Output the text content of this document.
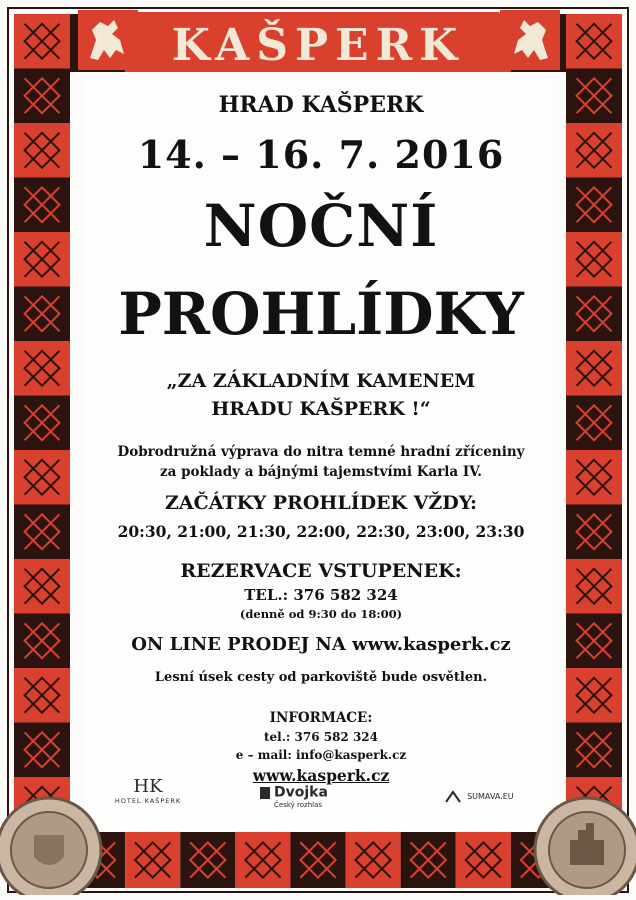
KAŠPERK
HRAD KAŠPERK
14. – 16. 7. 2016
NOČNÍ
PROHLÍDKY
„ZA ZÁKLADNÍM KAMENEM
HRADU KAŠPERK !“
Dobrodružná výprava do nitra temné hradní zříceniny
za poklady a bájnými tajemstvími Karla IV.
ZAČÁTKY PROHLÍDEK VŽDY:
20:30, 21:00, 21:30, 22:00, 22:30, 23:00, 23:30
REZERVACE VSTUPENEK:
TEL.: 376 582 324
(denně od 9:30 do 18:00)
ON LINE PRODEJ NA www.kasperk.cz
Lesní úsek cesty od parkoviště bude osvětlen.
INFORMACE:
tel.: 376 582 324
e – mail: info@kasperk.cz
www.kasperk.cz
HK
HOTEL KAŠPERK
Dvojka
Český rozhlas
SUMAVA.EU
